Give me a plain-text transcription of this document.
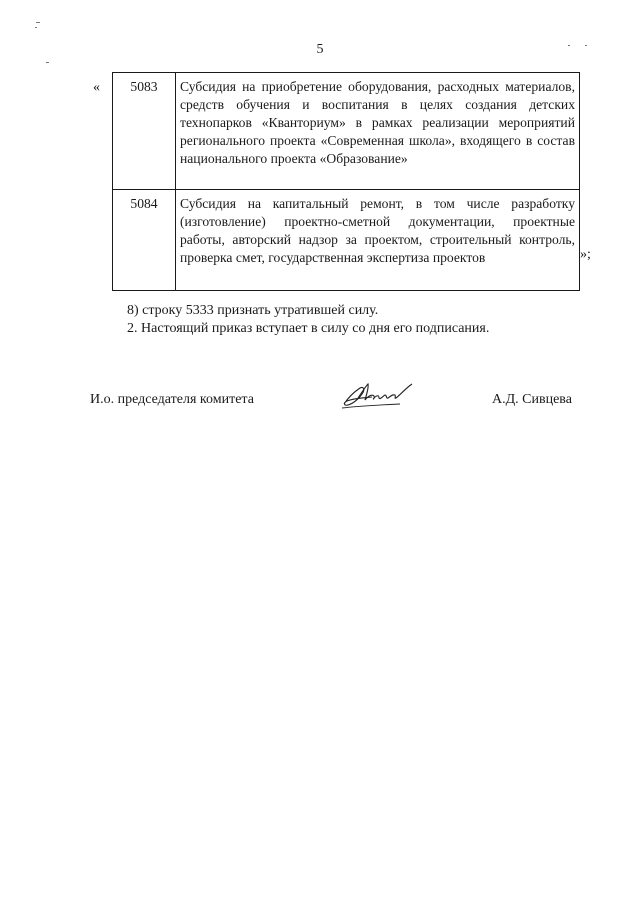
5
« 5083	Субсидия на приобретение оборудования, расходных материалов, средств обучения и воспитания в целях создания детских технопарков «Кванториум» в рамках реализации мероприятий регионального проекта «Современная школа», входящего в состав национального проекта «Образование»
5084	Субсидия на капитальный ремонт, в том числе разработку (изготовление) проектно-сметной документации, проектные работы, авторский надзор за проектом, строительный контроль, проверка смет, государственная экспертиза проектов	»;
8) строку 5333 признать утратившей силу.
2. Настоящий приказ вступает в силу со дня его подписания.
И.о. председателя комитета	А.Д. Сивцева
